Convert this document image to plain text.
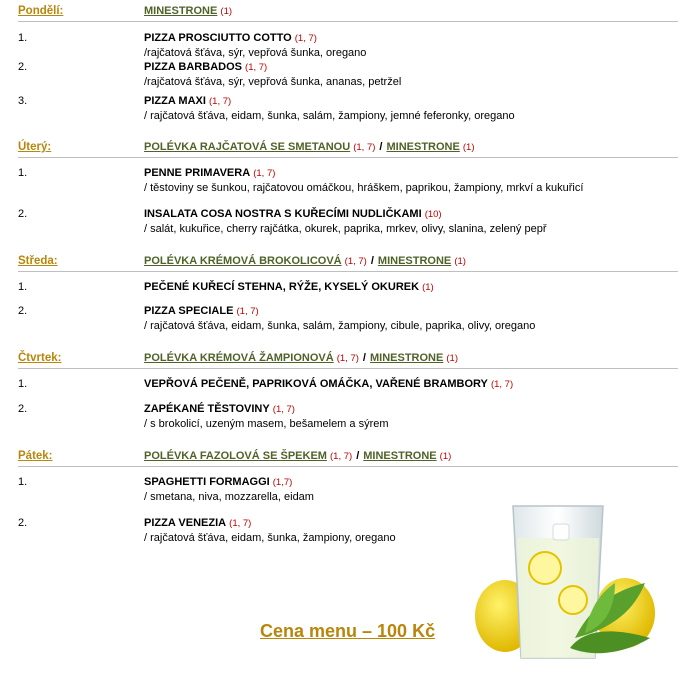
Pondělí:	MINESTRONE (1)
1.	PIZZA PROSCIUTTO COTTO (1, 7)
/rajčatová šťáva, sýr, vepřová šunka, oregano
2.	PIZZA BARBADOS (1, 7)
/rajčatová šťáva, sýr, vepřová šunka, ananas, petržel
3.	PIZZA MAXI (1, 7)
/ rajčatová šťáva, eidam, šunka, salám, žampiony, jemné feferonky, oregano
Úterý:	POLÉVKA RAJČATOVÁ SE SMETANOU (1, 7) / MINESTRONE (1)
1.	PENNE PRIMAVERA (1, 7)
/ těstoviny se šunkou, rajčatovou omáčkou, hráškem, paprikou, žampiony, mrkví a kukuřicí
2.	INSALATA COSA NOSTRA S KUŘECÍMI NUDLIČKAMI (10)
/ salát, kukuřice, cherry rajčátka, okurek, paprika, mrkev, olivy, slanina, zelený pepř
Středa:	POLÉVKA KRÉMOVÁ BROKOLICOVÁ (1, 7) / MINESTRONE (1)
1.	PEČENÉ KUŘECÍ STEHNA, RÝŽE, KYSELÝ OKUREK (1)
2.	PIZZA SPECIALE (1, 7)
/ rajčatová šťáva, eidam, šunka, salám, žampiony, cibule, paprika, olivy, oregano
Čtvrtek:	POLÉVKA KRÉMOVÁ ŽAMPIONOVÁ (1, 7) / MINESTRONE (1)
1.	VEPŘOVÁ PEČENĚ, PAPRIKOVÁ OMÁČKA, VAŘENÉ BRAMBORY (1, 7)
2.	ZAPÉKANÉ TĚSTOVINY (1, 7)
/ s brokolicí, uzeným masem, bešamelem a sýrem
Pátek:	POLÉVKA FAZOLOVÁ SE ŠPEKEM (1, 7) / MINESTRONE (1)
1.	SPAGHETTI FORMAGGI (1,7)
/ smetana, niva, mozzarella, eidam
2.	PIZZA VENEZIA (1, 7)
/ rajčatová šťáva, eidam, šunka, žampiony, oregano
Cena menu – 100 Kč
